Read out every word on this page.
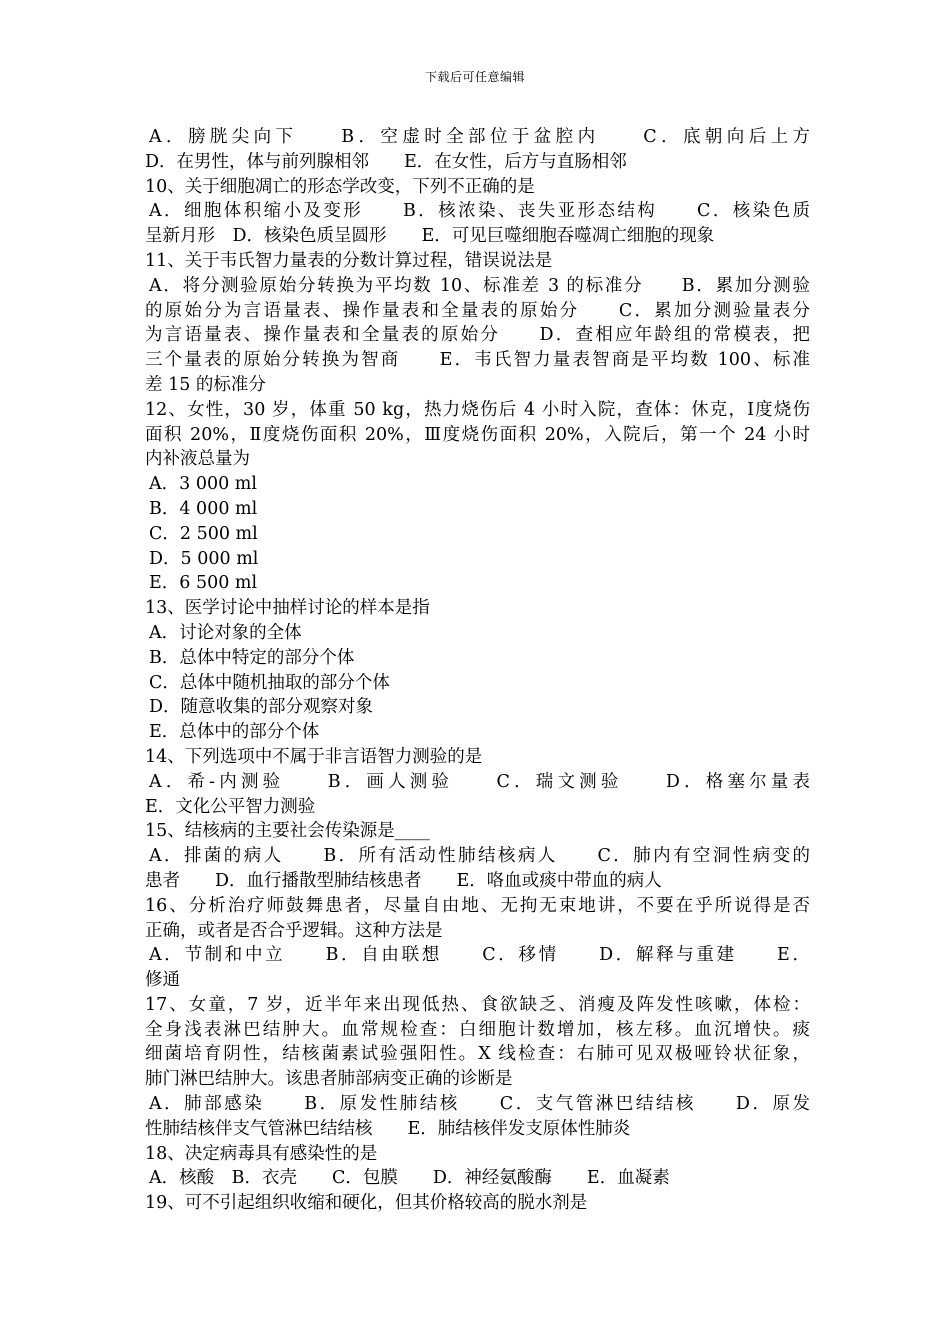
下载后可任意编辑
A．膀胱尖向下　　B．空虚时全部位于盆腔内　　C．底朝向后上方
D．在男性，体与前列腺相邻　　E．在女性，后方与直肠相邻
10、关于细胞凋亡的形态学改变，下列不正确的是
A．细胞体积缩小及变形　　B．核浓染、丧失亚形态结构　　C．核染色质
呈新月形　D．核染色质呈圆形　　E．可见巨噬细胞吞噬凋亡细胞的现象
11、关于韦氏智力量表的分数计算过程，错误说法是
A．将分测验原始分转换为平均数 10、标准差 3 的标准分　　B．累加分测验
的原始分为言语量表、操作量表和全量表的原始分　　C．累加分测验量表分
为言语量表、操作量表和全量表的原始分　　D．查相应年龄组的常模表，把
三个量表的原始分转换为智商　　E．韦氏智力量表智商是平均数 100、标准
差 15 的标准分
12、女性，30 岁，体重 50 kg，热力烧伤后 4 小时入院，查体：休克，Ⅰ度烧伤
面积 20%，Ⅱ度烧伤面积 20%，Ⅲ度烧伤面积 20%，入院后，第一个 24 小时
内补液总量为
A．3 000 ml
B．4 000 ml
C．2 500 ml
D．5 000 ml
E．6 500 ml
13、医学讨论中抽样讨论的样本是指
A．讨论对象的全体
B．总体中特定的部分个体
C．总体中随机抽取的部分个体
D．随意收集的部分观察对象
E．总体中的部分个体
14、下列选项中不属于非言语智力测验的是
A．希-内测验　　B．画人测验　　C．瑞文测验　　D．格塞尔量表
E．文化公平智力测验
15、结核病的主要社会传染源是____
A．排菌的病人　　B．所有活动性肺结核病人　　C．肺内有空洞性病变的
患者　　D．血行播散型肺结核患者　　E．咯血或痰中带血的病人
16、分析治疗师鼓舞患者，尽量自由地、无拘无束地讲，不要在乎所说得是否
正确，或者是否合乎逻辑。这种方法是
A．节制和中立　　B．自由联想　　C．移情　　D．解释与重建　　E．
修通
17、女童，7 岁，近半年来出现低热、食欲缺乏、消瘦及阵发性咳嗽，体检：
全身浅表淋巴结肿大。血常规检查：白细胞计数增加，核左移。血沉增快。痰
细菌培育阴性，结核菌素试验强阳性。X 线检查：右肺可见双极哑铃状征象，
肺门淋巴结肿大。该患者肺部病变正确的诊断是
A．肺部感染　　B．原发性肺结核　　C．支气管淋巴结结核　　D．原发
性肺结核伴支气管淋巴结结核　　E．肺结核伴发支原体性肺炎
18、决定病毒具有感染性的是
A．核酸　B．衣壳　　C．包膜　　D．神经氨酸酶　　E．血凝素
19、可不引起组织收缩和硬化，但其价格较高的脱水剂是
